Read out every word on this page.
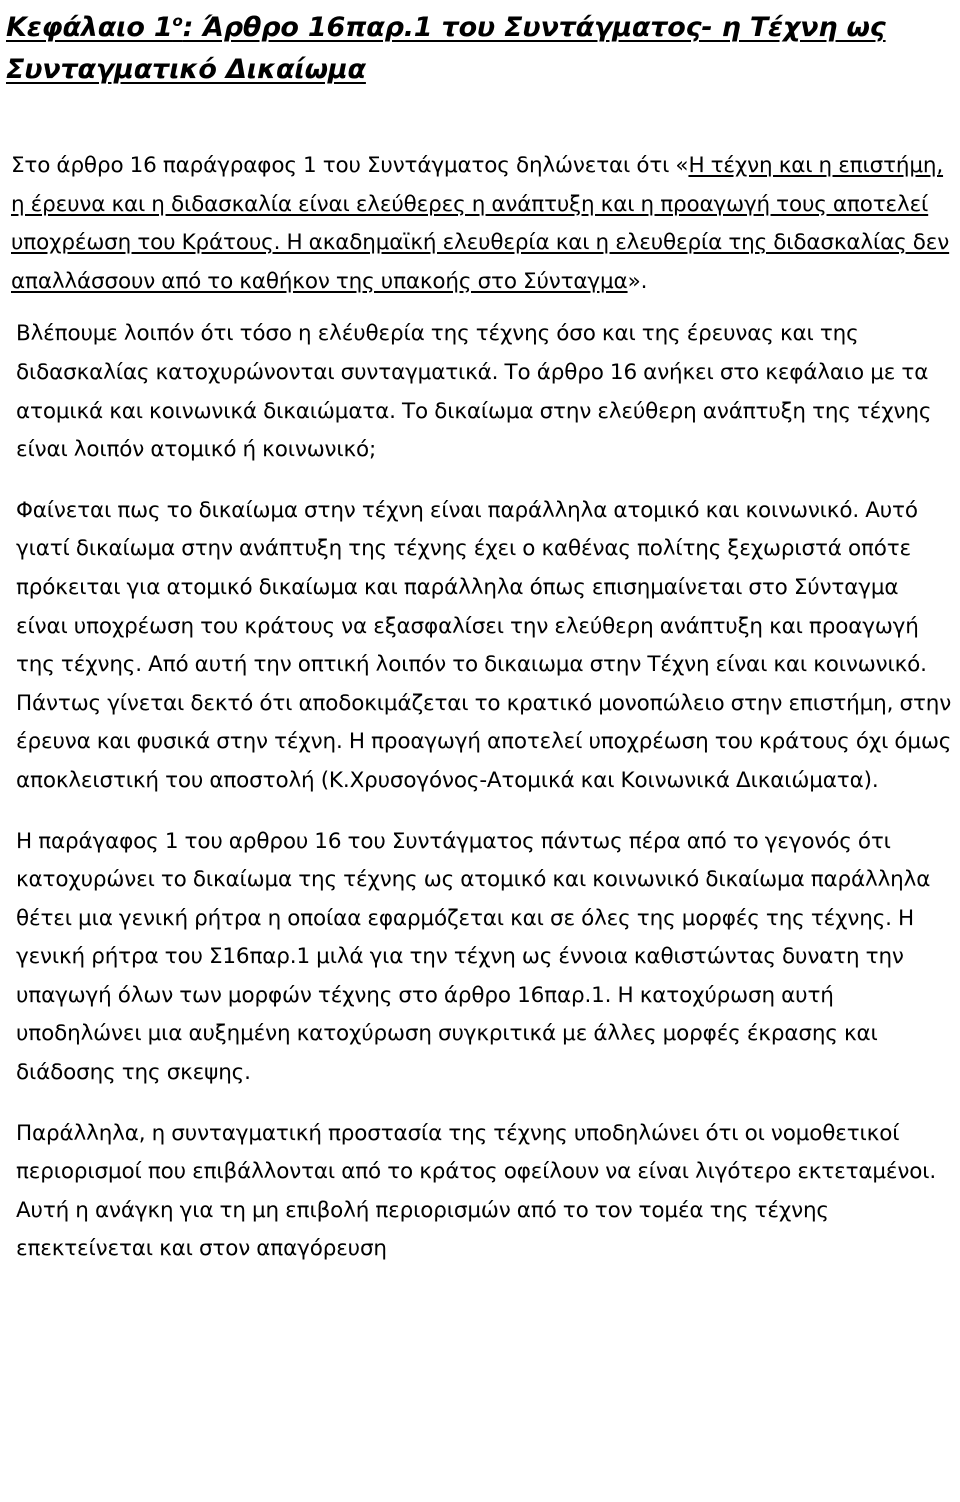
Κεφάλαιο $1^o$: Άρθρο 16παρ.1 του Συντάγματος- η Τέχνη ως Συνταγματικό Δικαίωμα

Στο άρθρο 16 παράγραφος 1 του Συντάγματος δηλώνεται ότι «Η τέχνη και η επιστήμη, η έρευνα και η διδασκαλία είναι ελεύθερες η ανάπτυξη και η προαγωγή τους αποτελεί υποχρέωση του Κράτους. Η ακαδημαϊκή ελευθερία και η ελευθερία της διδασκαλίας δεν απαλλάσσουν από το καθήκον της υπακοής στο Σύνταγμα».

Βλέπουμε λοιπόν ότι τόσο η ελέυθερία της τέχνης όσο και της έρευνας και της διδασκαλίας κατοχυρώνονται συνταγματικά. Το άρθρο 16 ανήκει στο κεφάλαιο με τα ατομικά και κοινωνικά δικαιώματα. Το δικαίωμα στην ελεύθερη ανάπτυξη της τέχνης είναι λοιπόν ατομικό ή κοινωνικό;

Φαίνεται πως το δικαίωμα στην τέχνη είναι παράλληλα ατομικό και κοινωνικό. Αυτό γιατί δικαίωμα στην ανάπτυξη της τέχνης έχει ο καθένας πολίτης ξεχωριστά οπότε πρόκειται για ατομικό δικαίωμα και παράλληλα όπως επισημαίνεται στο Σύνταγμα είναι υποχρέωση του κράτους να εξασφαλίσει την ελεύθερη ανάπτυξη και προαγωγή της τέχνης. Από αυτή την οπτική λοιπόν το δικαιωμα στην Τέχνη είναι και κοινωνικό. Πάντως γίνεται δεκτό ότι αποδοκιμάζεται το κρατικό μονοπώλειο στην επιστήμη, στην έρευνα και φυσικά στην τέχνη. Η προαγωγή αποτελεί υποχρέωση του κράτους όχι όμως αποκλειστική του αποστολή (Κ.Χρυσογόνος-Ατομικά και Κοινωνικά Δικαιώματα).

Η παράγαφος 1 του αρθρου 16 του Συντάγματος πάντως πέρα από το γεγονός ότι κατοχυρώνει το δικαίωμα της τέχνης ως ατομικό και κοινωνικό δικαίωμα παράλληλα θέτει μια γενική ρήτρα η οποίαα εφαρμόζεται και σε όλες της μορφές της τέχνης. Η γενική ρήτρα του Σ16παρ.1 μιλά για την τέχνη ως έννοια καθιστώντας δυνατη την υπαγωγή όλων των μορφών τέχνης στο άρθρο 16παρ.1. Η κατοχύρωση αυτή υποδηλώνει μια αυξημένη κατοχύρωση συγκριτικά με άλλες μορφές έκρασης και διάδοσης της σκεψης.

Παράλληλα, η συνταγματική προστασία της τέχνης υποδηλώνει ότι οι νομοθετικοί περιορισμοί που επιβάλλονται από το κράτος οφείλουν να είναι λιγότερο εκτεταμένοι. Αυτή η ανάγκη για τη μη επιβολή περιορισμών από το τον τομέα της τέχνης επεκτείνεται και στον απαγόρευση
